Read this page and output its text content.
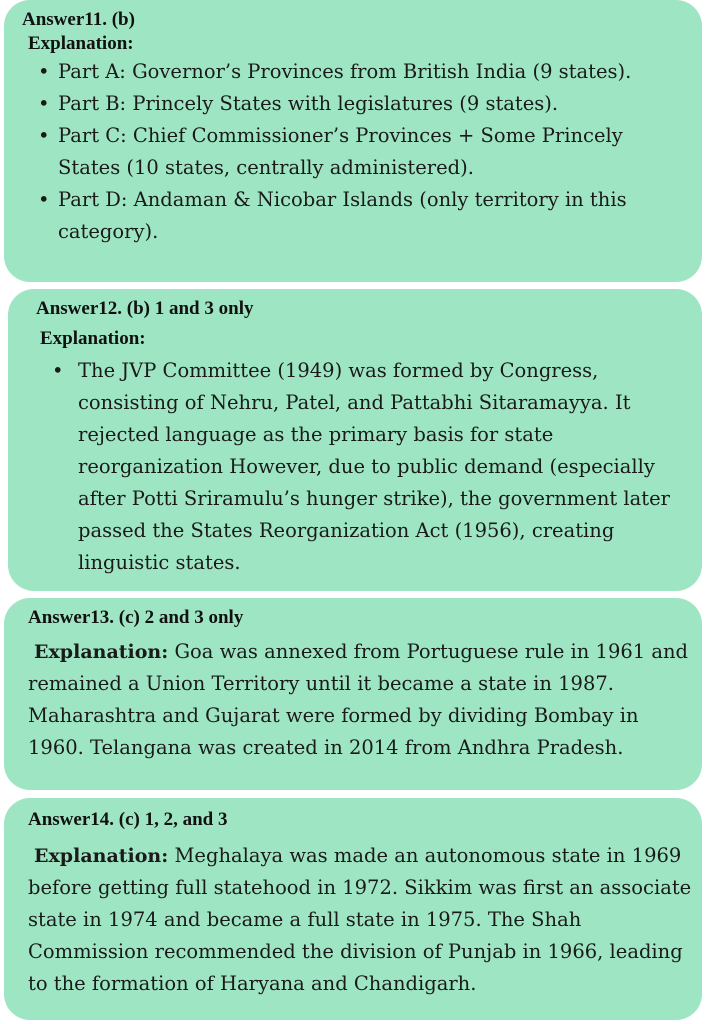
Answer11. (b)

Explanation:
• Part A: Governor’s Provinces from British India (9 states).
• Part B: Princely States with legislatures (9 states).
• Part C: Chief Commissioner’s Provinces + Some Princely States (10 states, centrally administered).
• Part D: Andaman & Nicobar Islands (only territory in this category).

Answer12. (b) 1 and 3 only

Explanation:
• The JVP Committee (1949) was formed by Congress, consisting of Nehru, Patel, and Pattabhi Sitaramayya. It rejected language as the primary basis for state reorganization However, due to public demand (especially after Potti Sriramulu’s hunger strike), the government later passed the States Reorganization Act (1956), creating linguistic states.

Answer13. (c) 2 and 3 only

Explanation: Goa was annexed from Portuguese rule in 1961 and remained a Union Territory until it became a state in 1987. Maharashtra and Gujarat were formed by dividing Bombay in 1960. Telangana was created in 2014 from Andhra Pradesh.

Answer14. (c) 1, 2, and 3

Explanation: Meghalaya was made an autonomous state in 1969 before getting full statehood in 1972. Sikkim was first an associate state in 1974 and became a full state in 1975. The Shah Commission recommended the division of Punjab in 1966, leading to the formation of Haryana and Chandigarh.
